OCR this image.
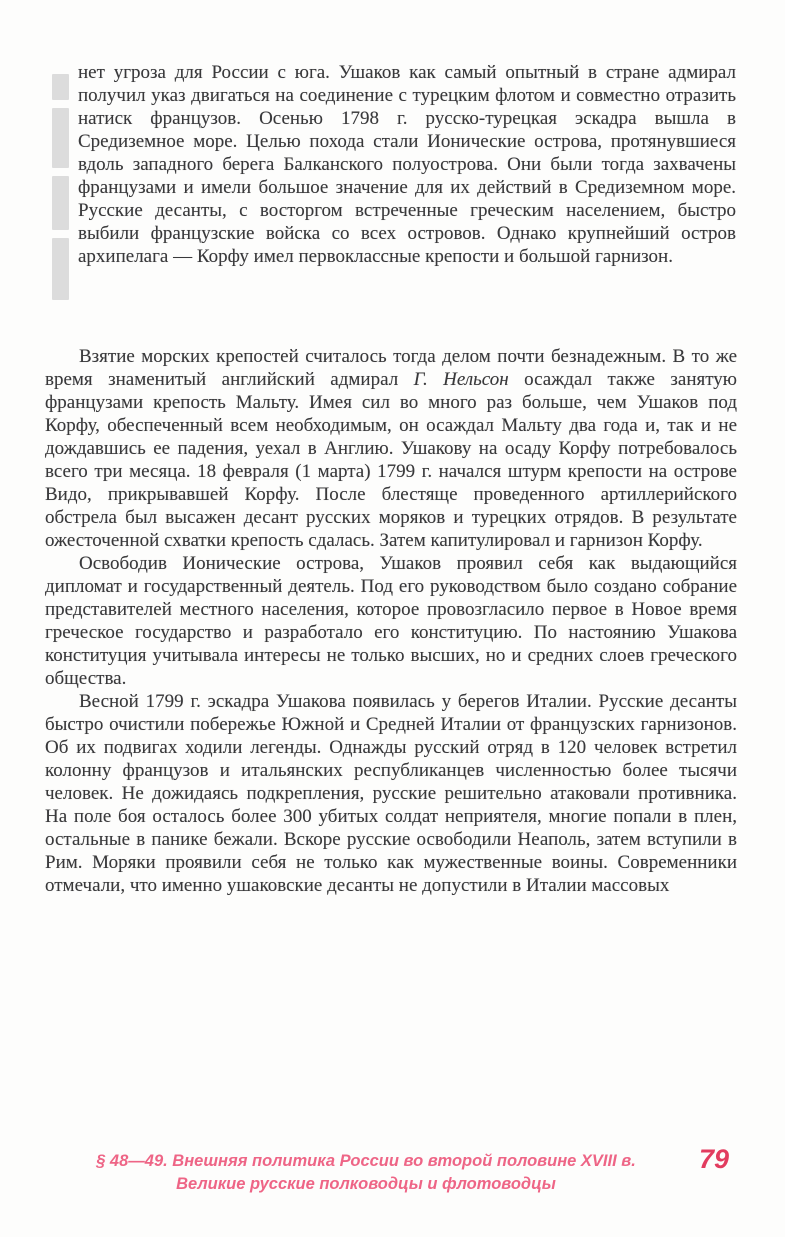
нет угроза для России с юга. Ушаков как самый опытный в стране адмирал получил указ двигаться на соединение с турецким флотом и совместно отразить натиск французов. Осенью 1798 г. русско-турецкая эскадра вышла в Средиземное море. Целью похода стали Ионические острова, протянувшиеся вдоль западного берега Балканского полуострова. Они были тогда захвачены французами и имели большое значение для их действий в Средиземном море. Русские десанты, с восторгом встреченные греческим населением, быстро выбили французские войска со всех островов. Однако крупнейший остров архипелага — Корфу имел первоклассные крепости и большой гарнизон.

Взятие морских крепостей считалось тогда делом почти безнадежным. В то же время знаменитый английский адмирал Г. Нельсон осаждал также занятую французами крепость Мальту. Имея сил во много раз больше, чем Ушаков под Корфу, обеспеченный всем необходимым, он осаждал Мальту два года и, так и не дождавшись ее падения, уехал в Англию. Ушакову на осаду Корфу потребовалось всего три месяца. 18 февраля (1 марта) 1799 г. начался штурм крепости на острове Видо, прикрывавшей Корфу. После блестяще проведенного артиллерийского обстрела был высажен десант русских моряков и турецких отрядов. В результате ожесточенной схватки крепость сдалась. Затем капитулировал и гарнизон Корфу.

Освободив Ионические острова, Ушаков проявил себя как выдающийся дипломат и государственный деятель. Под его руководством было создано собрание представителей местного населения, которое провозгласило первое в Новое время греческое государство и разработало его конституцию. По настоянию Ушакова конституция учитывала интересы не только высших, но и средних слоев греческого общества.

Весной 1799 г. эскадра Ушакова появилась у берегов Италии. Русские десанты быстро очистили побережье Южной и Средней Италии от французских гарнизонов. Об их подвигах ходили легенды. Однажды русский отряд в 120 человек встретил колонну французов и итальянских республиканцев численностью более тысячи человек. Не дожидаясь подкрепления, русские решительно атаковали противника. На поле боя осталось более 300 убитых солдат неприятеля, многие попали в плен, остальные в панике бежали. Вскоре русские освободили Неаполь, затем вступили в Рим. Моряки проявили себя не только как мужественные воины. Современники отмечали, что именно ушаковские десанты не допустили в Италии массовых

§ 48—49. Внешняя политика России во второй половине XVIII в.
Великие русские полководцы и флотоводцы
79
